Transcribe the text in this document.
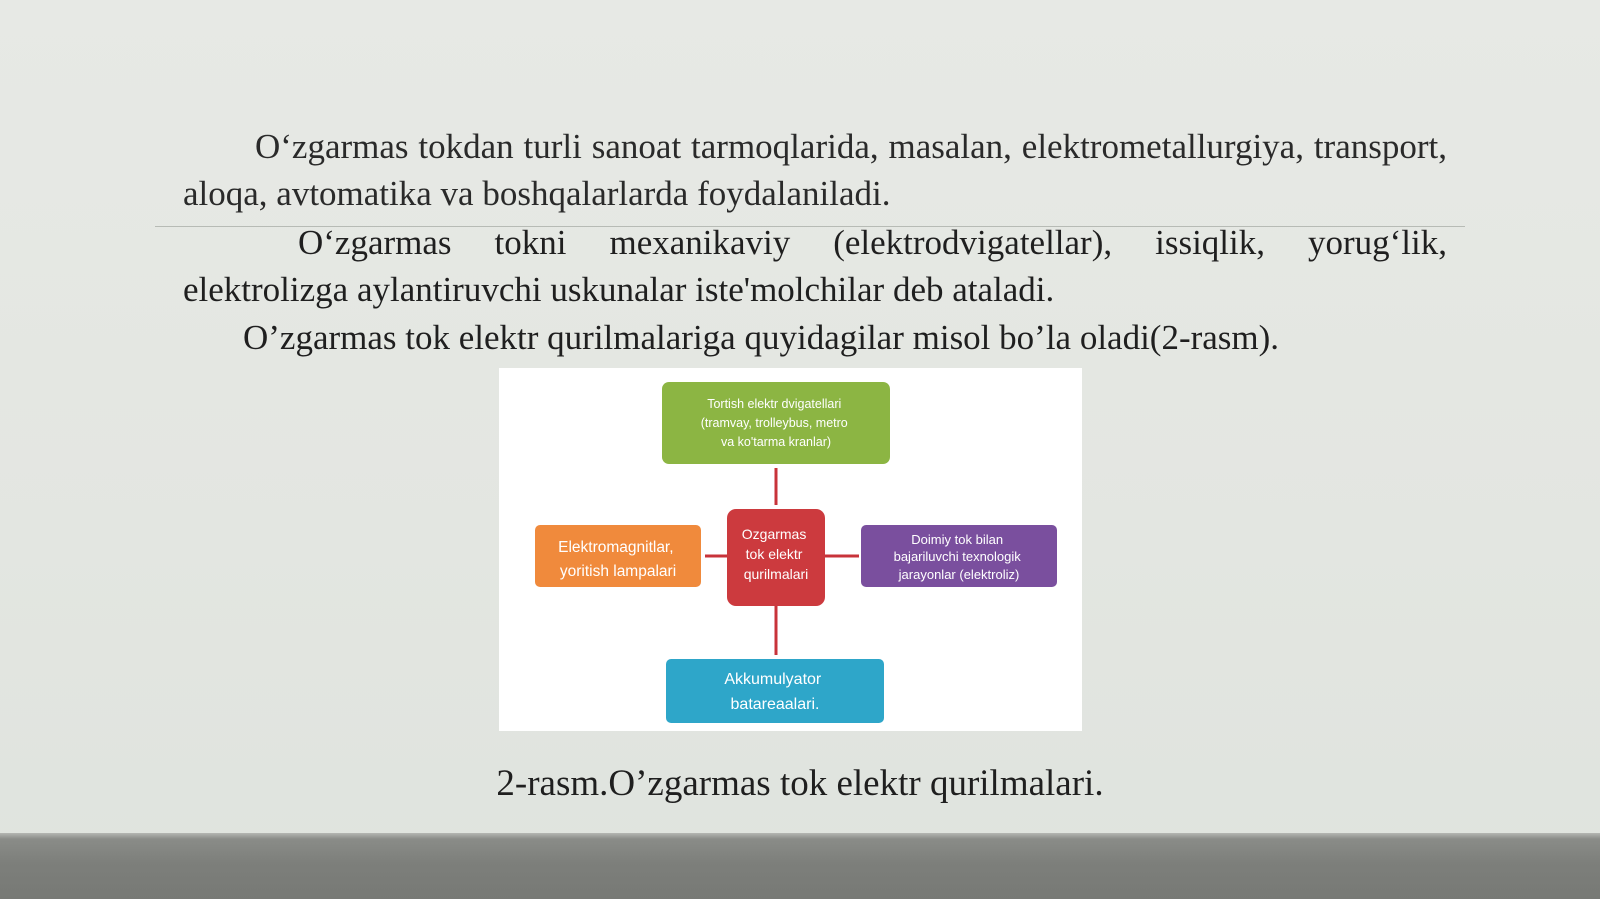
O‘zgarmas tokdan turli sanoat tarmoqlarida, masalan, elektrometallurgiya, transport, aloqa, avtomatika va boshqalarlarda foydalaniladi.

O‘zgarmas tokni mexanikaviy (elektrodvigatellar), issiqlik, yorug‘lik, elektrolizga aylantiruvchi uskunalar iste'molchilar deb ataladi.

O’zgarmas tok elektr qurilmalariga quyidagilar misol bo’la oladi(2-rasm).

Tortish elektr dvigatellari (tramvay, trolleybus, metro va ko'tarma kranlar)
Ozgarmas tok elektr qurilmalari
Elektromagnitlar, yoritish lampalari
Doimiy tok bilan bajariluvchi texnologik jarayonlar (elektroliz)
Akkumulyator batareaalari.

2-rasm.O’zgarmas tok elektr qurilmalari.
